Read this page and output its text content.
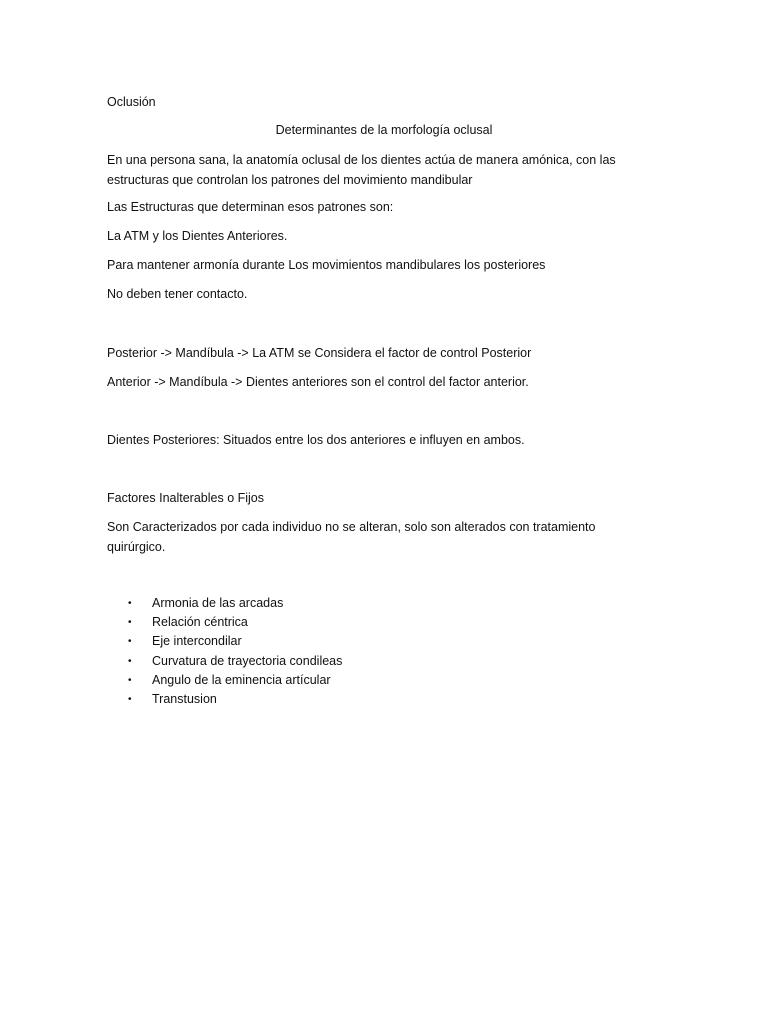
Oclusión
Determinantes de la morfología oclusal
En una persona sana, la anatomía oclusal de los dientes actúa de manera amónica, con las estructuras que controlan los patrones del movimiento mandibular
Las Estructuras que determinan esos patrones son:
La ATM y los Dientes Anteriores.
Para mantener armonía durante Los movimientos mandibulares los posteriores
No deben tener contacto.
Posterior -> Mandíbula -> La ATM se Considera el factor de control Posterior
Anterior -> Mandíbula -> Dientes anteriores son el control del factor anterior.
Dientes Posteriores: Situados entre los dos anteriores e influyen en ambos.
Factores Inalterables o Fijos
Son Caracterizados por cada individuo no se alteran, solo son alterados con tratamiento quirúrgico.
• Armonia de las arcadas
• Relación céntrica
• Eje intercondilar
• Curvatura de trayectoria condileas
• Angulo de la eminencia artícular
• Transtusion
